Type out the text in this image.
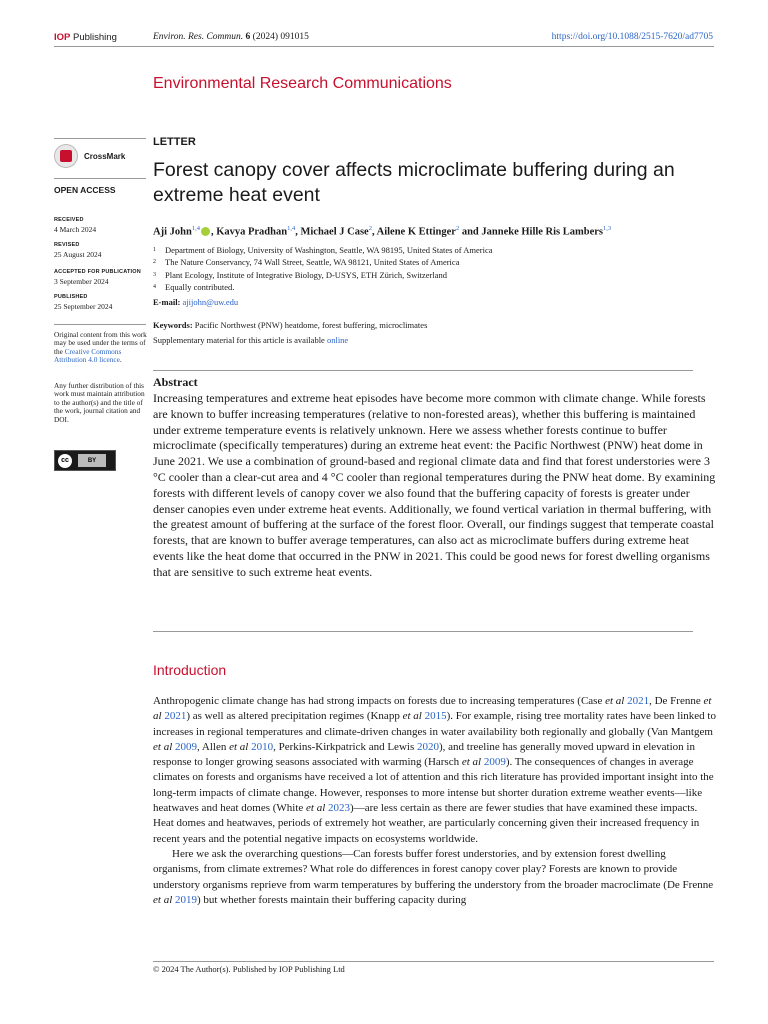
IOP Publishing	Environ. Res. Commun. 6 (2024) 091015	https://doi.org/10.1088/2515-7620/ad7705
Environmental Research Communications
CrossMark
OPEN ACCESS
RECEIVED
4 March 2024
REVISED
25 August 2024
ACCEPTED FOR PUBLICATION
3 September 2024
PUBLISHED
25 September 2024
Original content from this work may be used under the terms of the Creative Commons Attribution 4.0 licence.
Any further distribution of this work must maintain attribution to the author(s) and the title of the work, journal citation and DOI.
cc	BY
LETTER
Forest canopy cover affects microclimate buffering during an extreme heat event
Aji John$^{1,4}$ , Kavya Pradhan$^{1,4}$, Michael J Case$^2$, Ailene K Ettinger$^2$ and Janneke Hille Ris Lambers$^{1,3}$
1 Department of Biology, University of Washington, Seattle, WA 98195, United States of America
2 The Nature Conservancy, 74 Wall Street, Seattle, WA 98121, United States of America
3 Plant Ecology, Institute of Integrative Biology, D-USYS, ETH Zürich, Switzerland
4 Equally contributed.
E-mail: ajijohn@uw.edu
Keywords: Pacific Northwest (PNW) heatdome, forest buffering, microclimates
Supplementary material for this article is available online
Abstract
Increasing temperatures and extreme heat episodes have become more common with climate change. While forests are known to buffer increasing temperatures (relative to non-forested areas), whether this buffering is maintained under extreme temperature events is relatively unknown. Here we assess whether forests continue to buffer microclimate (specifically temperatures) during an extreme heat event: the Pacific Northwest (PNW) heat dome in June 2021. We use a combination of ground-based and regional climate data and find that forest understories were 3 °C cooler than a clear-cut area and 4 °C cooler than regional temperatures during the PNW heat dome. By examining forests with different levels of canopy cover we also found that the buffering capacity of forests is greater under denser canopies even under extreme heat events. Additionally, we found vertical variation in thermal buffering, with the greatest amount of buffering at the surface of the forest floor. Overall, our findings suggest that temperate coastal forests, that are known to buffer average temperatures, can also act as microclimate buffers during extreme heat events like the heat dome that occurred in the PNW in 2021. This could be good news for forest dwelling organisms that are sensitive to such extreme heat events.
Introduction

Anthropogenic climate change has had strong impacts on forests due to increasing temperatures (Case et al 2021, De Frenne et al 2021) as well as altered precipitation regimes (Knapp et al 2015). For example, rising tree mortality rates have been linked to increases in regional temperatures and climate-driven changes in water availability both regionally and globally (Van Mantgem et al 2009, Allen et al 2010, Perkins-Kirkpatrick and Lewis 2020), and treeline has generally moved upward in elevation in response to longer growing seasons associated with warming (Harsch et al 2009). The consequences of changes in average climates on forests and organisms have received a lot of attention and this rich literature has provided important insight into the long-term impacts of climate change. However, responses to more intense but shorter duration extreme weather events—like heatwaves and heat domes (White et al 2023)—are less certain as there are fewer studies that have examined these impacts. Heat domes and heatwaves, periods of extremely hot weather, are particularly concerning given their increased frequency in recent years and the potential negative impacts on ecosystems worldwide.

Here we ask the overarching questions—Can forests buffer forest understories, and by extension forest dwelling organisms, from climate extremes? What role do differences in forest canopy cover play? Forests are known to provide understory organisms reprieve from warm temperatures by buffering the understory from the broader macroclimate (De Frenne et al 2019) but whether forests maintain their buffering capacity during

© 2024 The Author(s). Published by IOP Publishing Ltd
